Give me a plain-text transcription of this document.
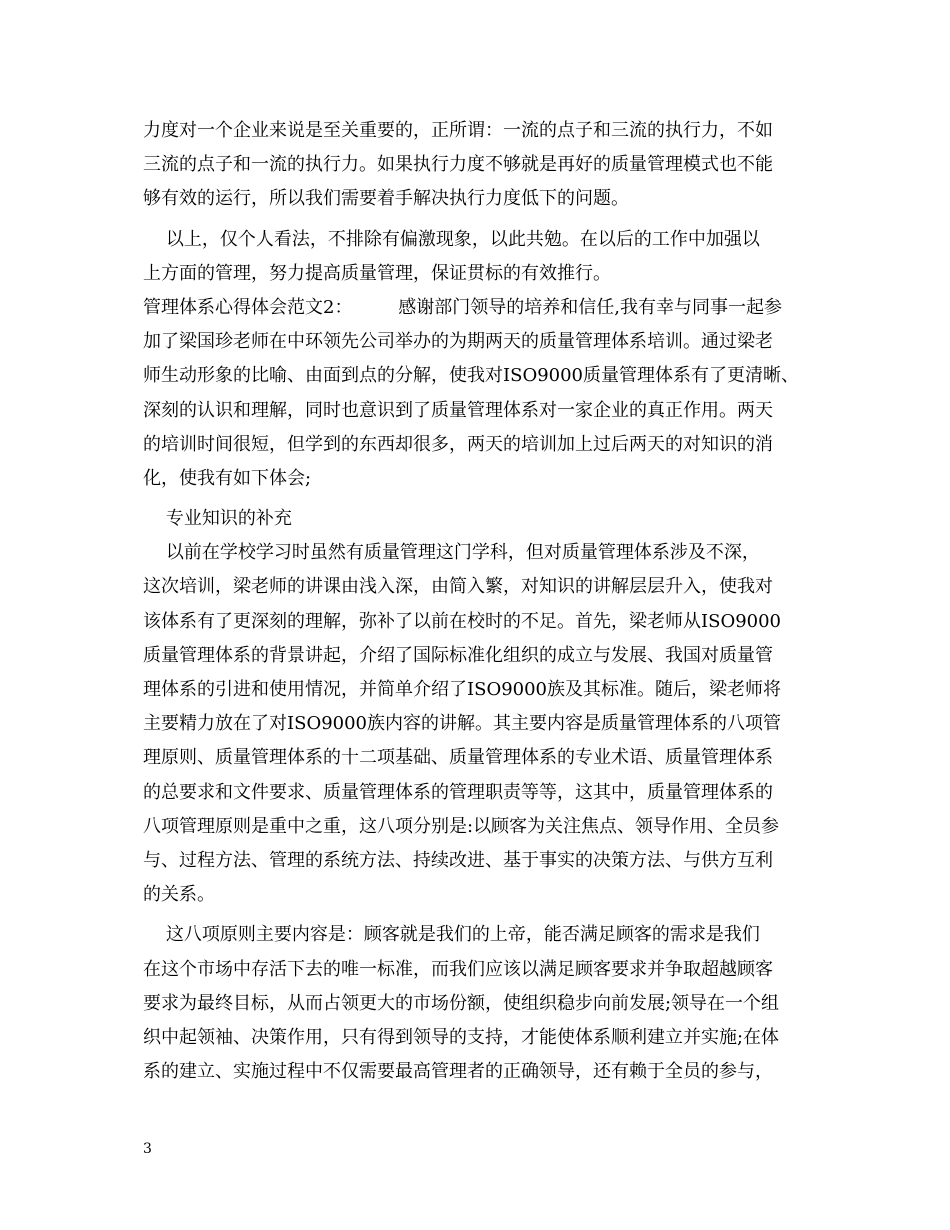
力度对一个企业来说是至关重要的，正所谓：一流的点子和三流的执行力，不如
三流的点子和一流的执行力。如果执行力度不够就是再好的质量管理模式也不能
够有效的运行，所以我们需要着手解决执行力度低下的问题。
以上，仅个人看法，不排除有偏激现象，以此共勉。在以后的工作中加强以
上方面的管理，努力提高质量管理，保证贯标的有效推行。
管理体系心得体会范文2：        感谢部门领导的培养和信任,我有幸与同事一起参
加了梁国珍老师在中环领先公司举办的为期两天的质量管理体系培训。通过梁老
师生动形象的比喻、由面到点的分解，使我对ISO9000质量管理体系有了更清晰、
深刻的认识和理解，同时也意识到了质量管理体系对一家企业的真正作用。两天
的培训时间很短，但学到的东西却很多，两天的培训加上过后两天的对知识的消
化，使我有如下体会;
专业知识的补充
以前在学校学习时虽然有质量管理这门学科，但对质量管理体系涉及不深，
这次培训，梁老师的讲课由浅入深，由简入繁，对知识的讲解层层升入，使我对
该体系有了更深刻的理解，弥补了以前在校时的不足。首先，梁老师从ISO9000
质量管理体系的背景讲起，介绍了国际标准化组织的成立与发展、我国对质量管
理体系的引进和使用情况，并简单介绍了ISO9000族及其标准。随后，梁老师将
主要精力放在了对ISO9000族内容的讲解。其主要内容是质量管理体系的八项管
理原则、质量管理体系的十二项基础、质量管理体系的专业术语、质量管理体系
的总要求和文件要求、质量管理体系的管理职责等等，这其中，质量管理体系的
八项管理原则是重中之重，这八项分别是:以顾客为关注焦点、领导作用、全员参
与、过程方法、管理的系统方法、持续改进、基于事实的决策方法、与供方互利
的关系。
这八项原则主要内容是：顾客就是我们的上帝，能否满足顾客的需求是我们
在这个市场中存活下去的唯一标准，而我们应该以满足顾客要求并争取超越顾客
要求为最终目标，从而占领更大的市场份额，使组织稳步向前发展;领导在一个组
织中起领袖、决策作用，只有得到领导的支持，才能使体系顺利建立并实施;在体
系的建立、实施过程中不仅需要最高管理者的正确领导，还有赖于全员的参与，
3
